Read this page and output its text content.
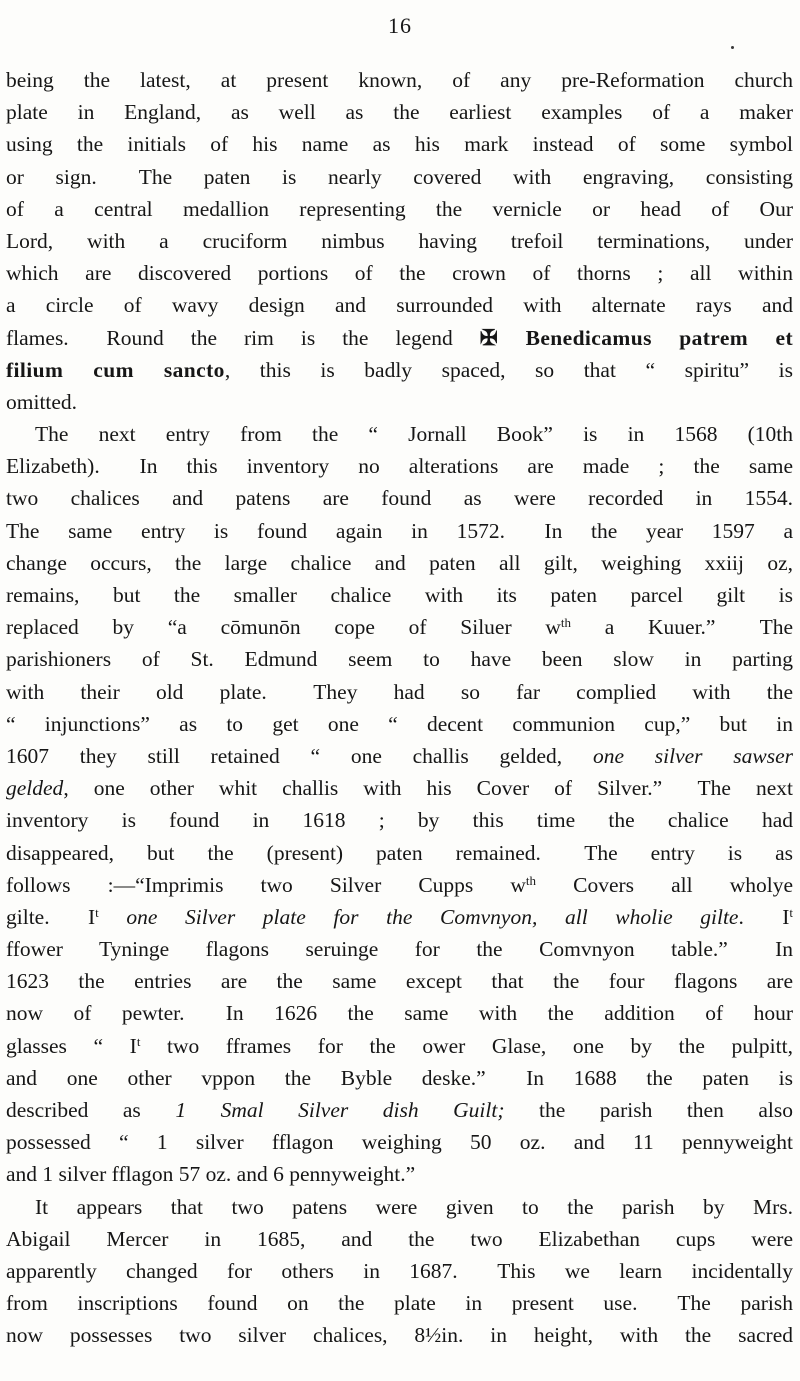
16
being the latest, at present known, of any pre-Reformation church
plate in England, as well as the earliest examples of a maker
using the initials of his name as his mark instead of some symbol
or sign.  The paten is nearly covered with engraving, consisting
of a central medallion representing the vernicle or head of Our
Lord, with a cruciform nimbus having trefoil terminations, under
which are discovered portions of the crown of thorns ; all within
a circle of wavy design and surrounded with alternate rays and
flames.  Round the rim is the legend ✠ Benedicamus patrem et
filium cum sancto, this is badly spaced, so that “ spiritu” is
omitted.
The next entry from the “ Jornall Book” is in 1568 (10th
Elizabeth).  In this inventory no alterations are made ; the same
two chalices and patens are found as were recorded in 1554.
The same entry is found again in 1572.  In the year 1597 a
change occurs, the large chalice and paten all gilt, weighing xxiij oz,
remains, but the smaller chalice with its paten parcel gilt is
replaced by “a cōmunōn cope of Siluer $w^{th}$ a Kuuer.”  The
parishioners of St. Edmund seem to have been slow in parting
with their old plate.  They had so far complied with the
“ injunctions” as to get one “ decent communion cup,” but in
1607 they still retained “ one challis gelded, one silver sawser
gelded, one other whit challis with his Cover of Silver.”  The next
inventory is found in 1618 ; by this time the chalice had
disappeared, but the (present) paten remained.  The entry is as
follows :—“Imprimis two Silver Cupps $w^{th}$ Covers all wholye
gilte.  $I^t$ one Silver plate for the Comvnyon, all wholie gilte.  $I^t$
ffower Tyninge flagons seruinge for the Comvnyon table.”  In
1623 the entries are the same except that the four flagons are
now of pewter.  In 1626 the same with the addition of hour
glasses “ $I^t$ two fframes for the ower Glase, one by the pulpitt,
and one other vppon the Byble deske.”  In 1688 the paten is
described as 1 Smal Silver dish Guilt; the parish then also
possessed “ 1 silver fflagon weighing 50 oz. and 11 pennyweight
and 1 silver fflagon 57 oz. and 6 pennyweight.”
It appears that two patens were given to the parish by Mrs.
Abigail Mercer in 1685, and the two Elizabethan cups were
apparently changed for others in 1687.  This we learn incidentally
from inscriptions found on the plate in present use.  The parish
now possesses two silver chalices, 8½in. in height, with the sacred
